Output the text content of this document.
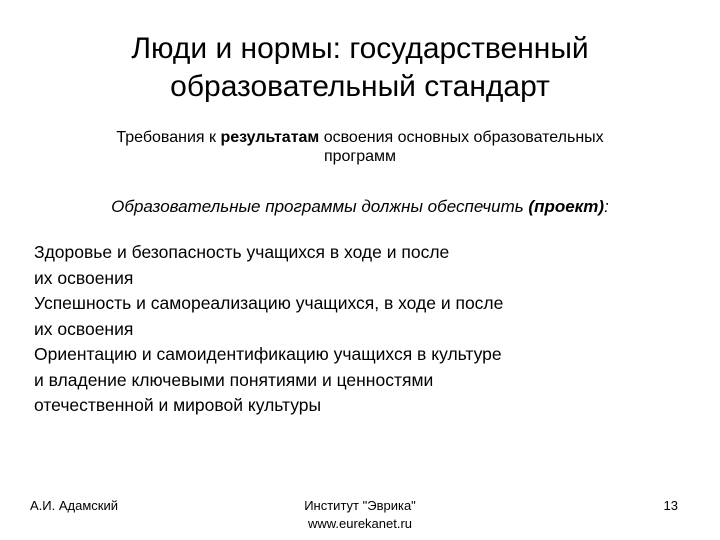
Люди и нормы: государственный
образовательный стандарт
Требования к результатам освоения основных образовательных
программ
Образовательные программы должны обеспечить (проект):
Здоровье и безопасность учащихся в ходе и после
их освоения
Успешность и самореализацию учащихся, в ходе и после
их освоения
Ориентацию и самоидентификацию учащихся в культуре
и владение ключевыми понятиями и ценностями
отечественной и мировой культуры
А.И. Адамский	Институт "Эврика"
www.eurekanet.ru
13
